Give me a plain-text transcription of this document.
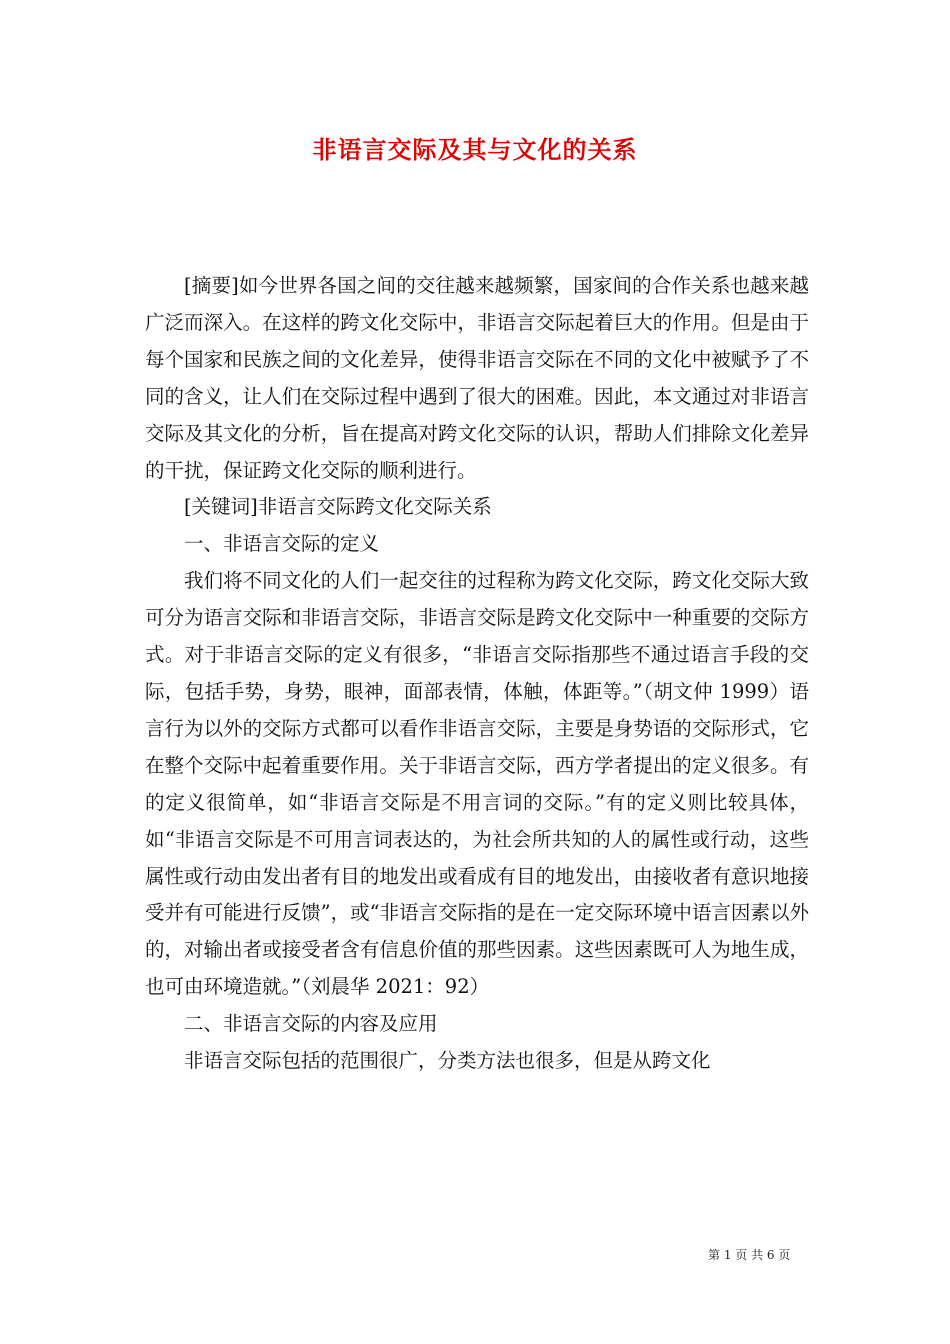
非语言交际及其与文化的关系

[摘要]如今世界各国之间的交往越来越频繁，国家间的合作关系也越来越广泛而深入。在这样的跨文化交际中，非语言交际起着巨大的作用。但是由于每个国家和民族之间的文化差异，使得非语言交际在不同的文化中被赋予了不同的含义，让人们在交际过程中遇到了很大的困难。因此，本文通过对非语言交际及其文化的分析，旨在提高对跨文化交际的认识，帮助人们排除文化差异的干扰，保证跨文化交际的顺利进行。

[关键词]非语言交际跨文化交际关系

一、非语言交际的定义

我们将不同文化的人们一起交往的过程称为跨文化交际，跨文化交际大致可分为语言交际和非语言交际，非语言交际是跨文化交际中一种重要的交际方式。对于非语言交际的定义有很多，“非语言交际指那些不通过语言手段的交际，包括手势，身势，眼神，面部表情，体触，体距等。”（胡文仲 1999）语言行为以外的交际方式都可以看作非语言交际，主要是身势语的交际形式，它在整个交际中起着重要作用。关于非语言交际，西方学者提出的定义很多。有的定义很简单，如“非语言交际是不用言词的交际。”有的定义则比较具体，如“非语言交际是不可用言词表达的，为社会所共知的人的属性或行动，这些属性或行动由发出者有目的地发出或看成有目的地发出，由接收者有意识地接受并有可能进行反馈”，或“非语言交际指的是在一定交际环境中语言因素以外的，对输出者或接受者含有信息价值的那些因素。这些因素既可人为地生成，也可由环境造就。”（刘晨华 2021：92）

二、非语言交际的内容及应用

非语言交际包括的范围很广，分类方法也很多，但是从跨文化

第 1 页 共 6 页
